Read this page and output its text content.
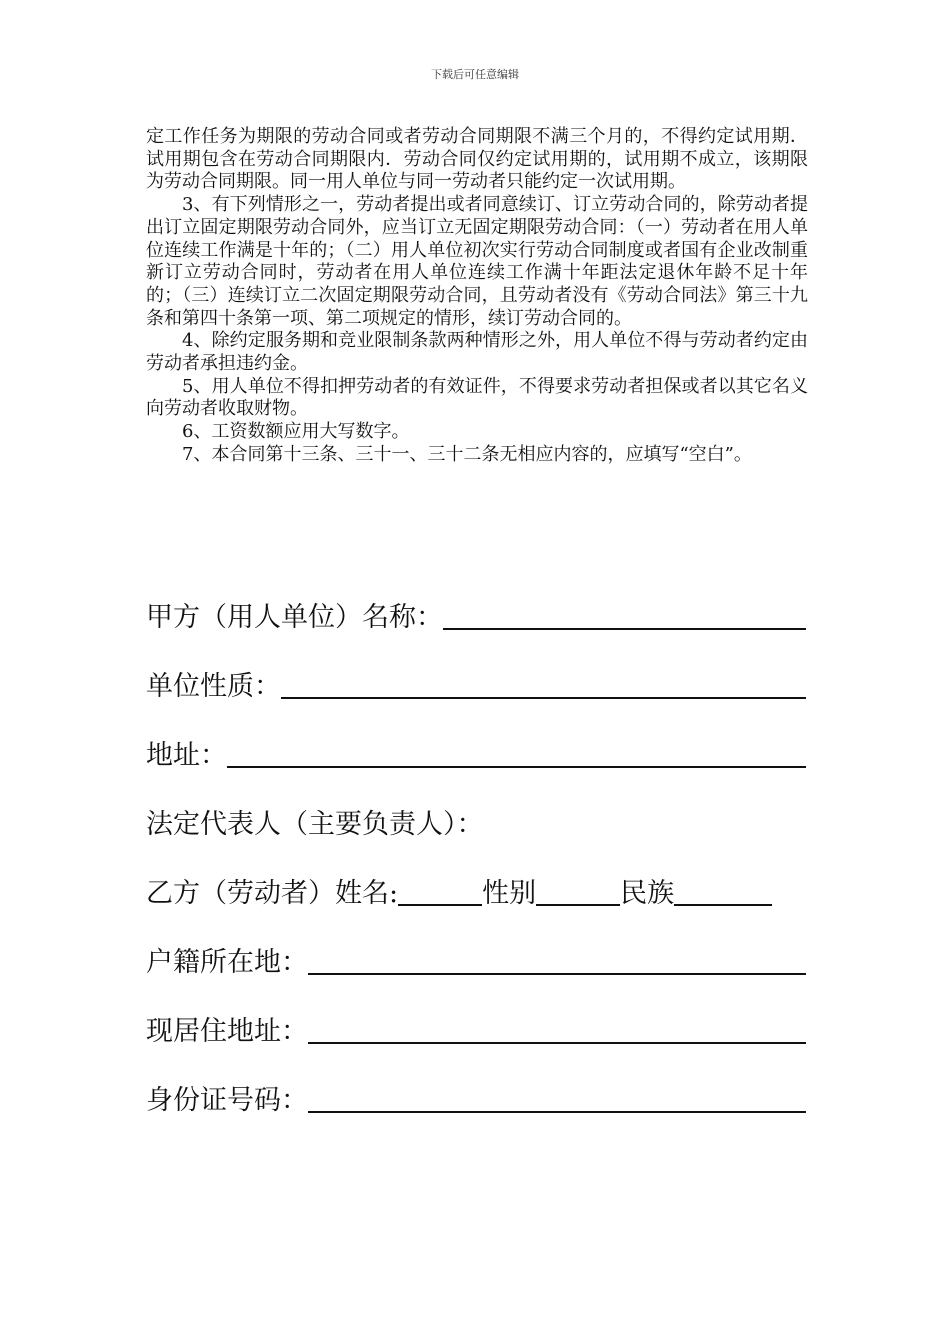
下载后可任意编辑

定工作任务为期限的劳动合同或者劳动合同期限不满三个月的，不得约定试用期．试用期包含在劳动合同期限内．劳动合同仅约定试用期的，试用期不成立，该期限为劳动合同期限。同一用人单位与同一劳动者只能约定一次试用期。

3、有下列情形之一，劳动者提出或者同意续订、订立劳动合同的，除劳动者提出订立固定期限劳动合同外，应当订立无固定期限劳动合同：（一）劳动者在用人单位连续工作满是十年的；（二）用人单位初次实行劳动合同制度或者国有企业改制重新订立劳动合同时，劳动者在用人单位连续工作满十年距法定退休年龄不足十年的；（三）连续订立二次固定期限劳动合同，且劳动者没有《劳动合同法》第三十九条和第四十条第一项、第二项规定的情形，续订劳动合同的。

4、除约定服务期和竞业限制条款两种情形之外，用人单位不得与劳动者约定由劳动者承担违约金。

5、用人单位不得扣押劳动者的有效证件，不得要求劳动者担保或者以其它名义向劳动者收取财物。

6、工资数额应用大写数字。

7、本合同第十三条、三十一、三十二条无相应内容的，应填写“空白”。

甲方（用人单位）名称：
单位性质：
地址：
法定代表人（主要负责人）：
乙方（劳动者）姓名:	性别	民族
户籍所在地：
现居住地址：
身份证号码：
